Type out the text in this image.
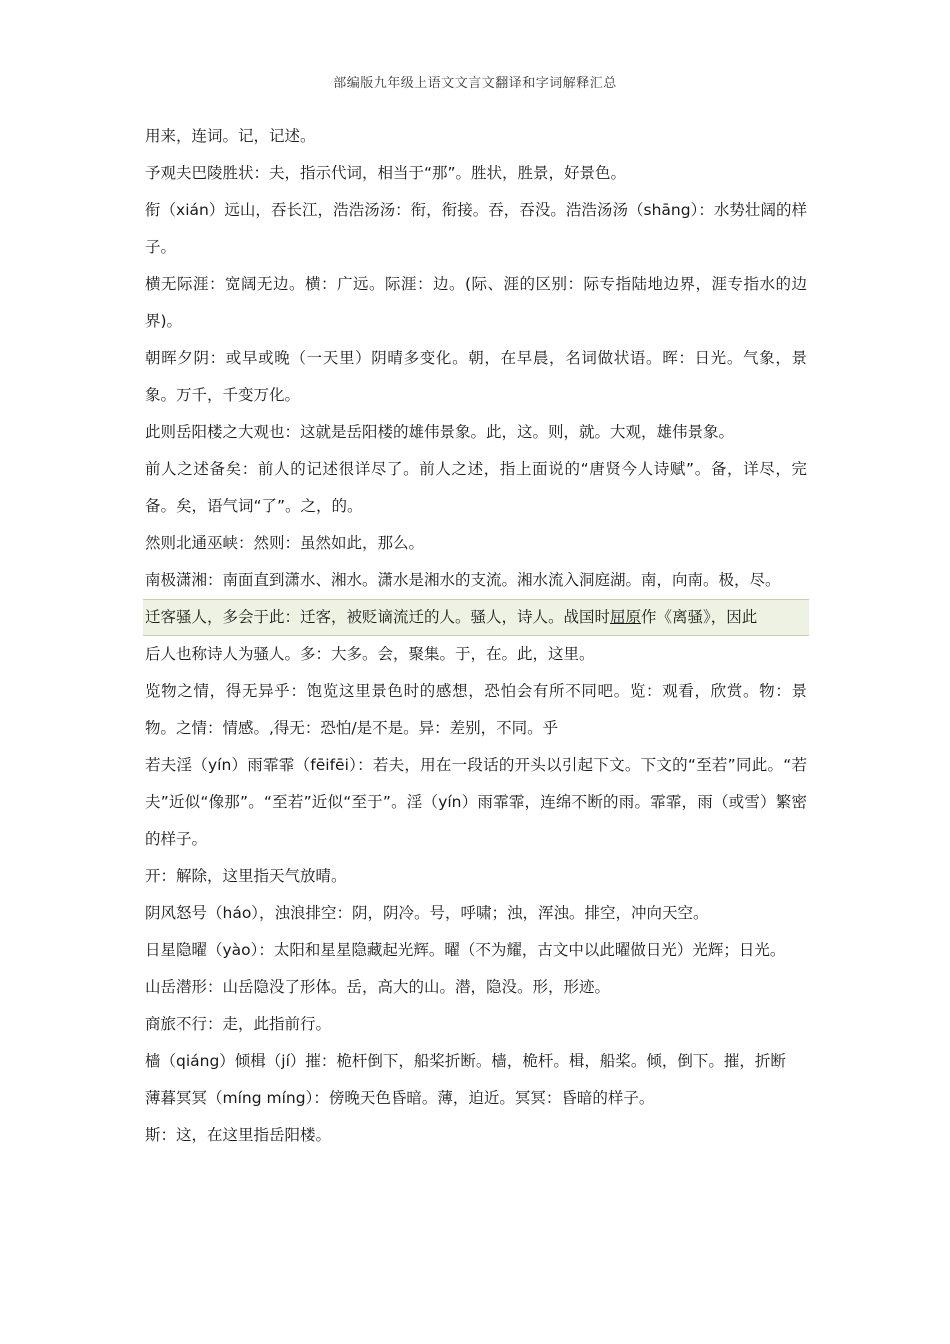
部编版九年级上语文文言文翻译和字词解释汇总

用来，连词。记，记述。

予观夫巴陵胜状：夫，指示代词，相当于“那”。胜状，胜景，好景色。

衔（xián）远山，吞长江，浩浩汤汤：衔，衔接。吞，吞没。浩浩汤汤（shāng）：水势壮阔的样子。

横无际涯：宽阔无边。横：广远。际涯：边。(际、涯的区别：际专指陆地边界，涯专指水的边界)。

朝晖夕阴：或早或晚（一天里）阴晴多变化。朝，在早晨，名词做状语。晖：日光。气象，景象。万千，千变万化。

此则岳阳楼之大观也：这就是岳阳楼的雄伟景象。此，这。则，就。大观，雄伟景象。

前人之述备矣：前人的记述很详尽了。前人之述，指上面说的“唐贤今人诗赋”。备，详尽，完备。矣，语气词“了”。之，的。

然则北通巫峡：然则：虽然如此，那么。

南极潇湘：南面直到潇水、湘水。潇水是湘水的支流。湘水流入洞庭湖。南，向南。极，尽。

迁客骚人，多会于此：迁客，被贬谪流迁的人。骚人，诗人。战国时屈原作《离骚》，因此

后人也称诗人为骚人。多：大多。会，聚集。于，在。此，这里。

览物之情，得无异乎：饱览这里景色时的感想，恐怕会有所不同吧。览：观看，欣赏。物：景物。之情：情感。,得无：恐怕/是不是。异：差别，不同。乎

若夫淫（yín）雨霏霏（fēifēi）：若夫，用在一段话的开头以引起下文。下文的“至若”同此。“若夫”近似“像那”。“至若”近似“至于”。淫（yín）雨霏霏，连绵不断的雨。霏霏，雨（或雪）繁密的样子。

开：解除，这里指天气放晴。

阴风怒号（háo），浊浪排空：阴，阴冷。号，呼啸；浊，浑浊。排空，冲向天空。

日星隐曜（yào）：太阳和星星隐藏起光辉。曜（不为耀，古文中以此曜做日光）光辉；日光。

山岳潜形：山岳隐没了形体。岳，高大的山。潜，隐没。形，形迹。

商旅不行：走，此指前行。

樯（qiáng）倾楫（jí）摧：桅杆倒下，船桨折断。樯，桅杆。楫，船桨。倾，倒下。摧，折断

薄暮冥冥（míng míng）：傍晚天色昏暗。薄，迫近。冥冥：昏暗的样子。

斯：这，在这里指岳阳楼。
